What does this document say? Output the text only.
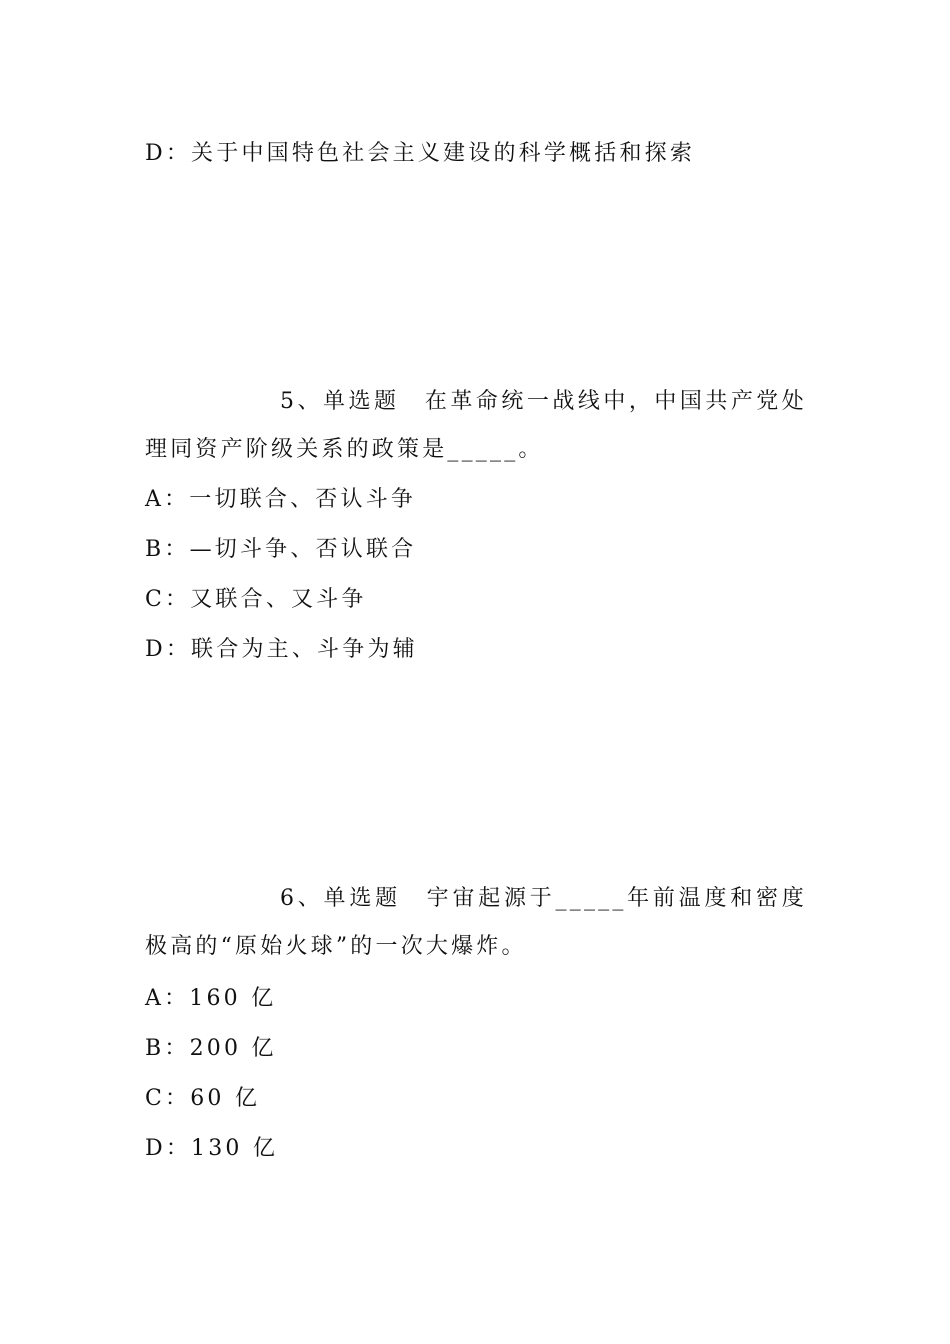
D：关于中国特色社会主义建设的科学概括和探索
5、单选题　在革命统一战线中，中国共产党处理同资产阶级关系的政策是_____。
A：一切联合、否认斗争
B：—切斗争、否认联合
C：又联合、又斗争
D：联合为主、斗争为辅
6、单选题　宇宙起源于_____年前温度和密度极高的“原始火球”的一次大爆炸。
A：160 亿
B：200 亿
C：60 亿
D：130 亿
